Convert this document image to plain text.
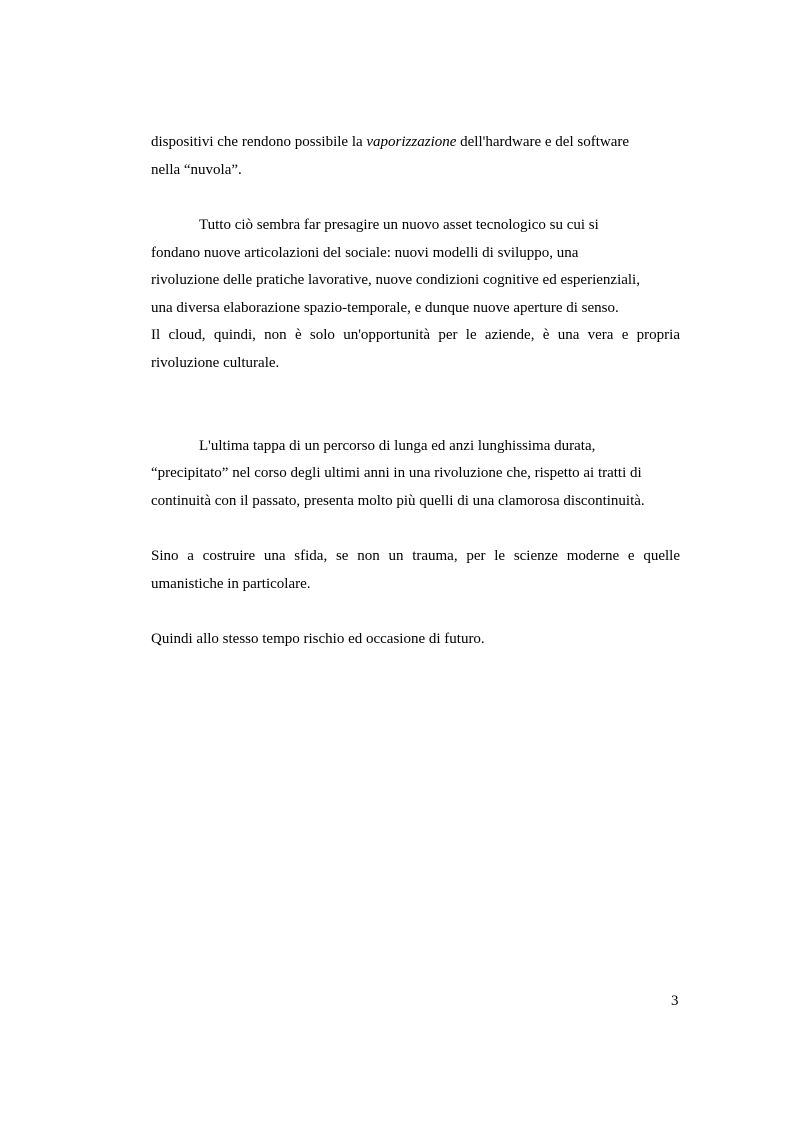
dispositivi che rendono possibile la vaporizzazione dell'hardware e del software
nella “nuvola”.
Tutto ciò sembra far presagire un nuovo asset tecnologico su cui si
fondano nuove articolazioni del sociale: nuovi modelli di sviluppo, una
rivoluzione delle pratiche lavorative, nuove condizioni cognitive ed esperienziali,
una diversa elaborazione spazio-temporale, e dunque nuove aperture di senso.
Il cloud, quindi, non è solo un'opportunità per le aziende, è una vera e propria
rivoluzione culturale.
L'ultima tappa di un percorso di lunga ed anzi lunghissima durata,
“precipitato” nel corso degli ultimi anni in una rivoluzione che, rispetto ai tratti di
continuità con il passato, presenta molto più quelli di una clamorosa discontinuità.
Sino a costruire una sfida, se non un trauma, per le scienze moderne e quelle
umanistiche in particolare.
Quindi allo stesso tempo rischio ed occasione di futuro.
3
